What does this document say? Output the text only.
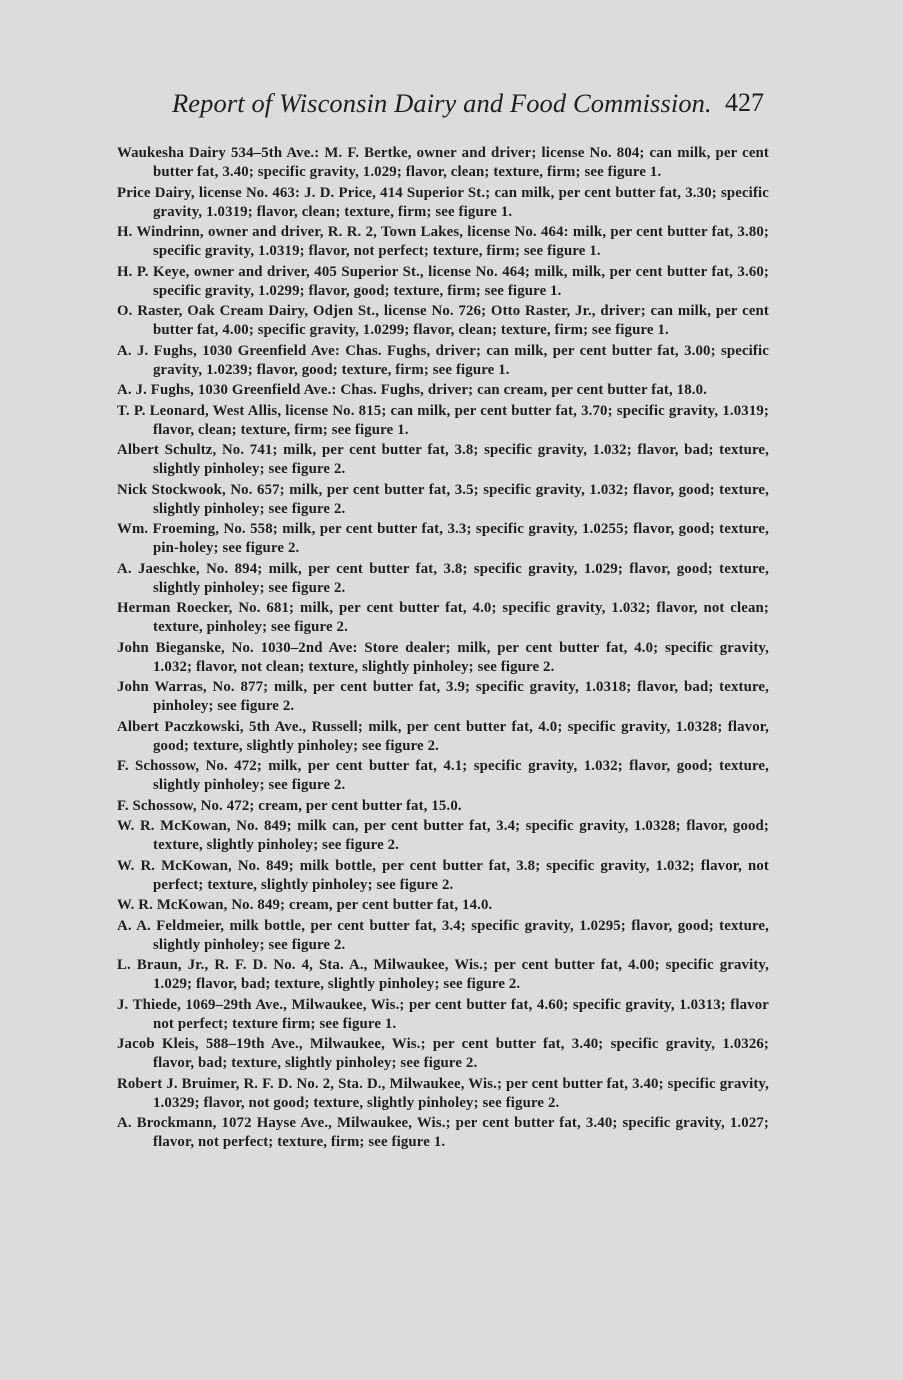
Report of Wisconsin Dairy and Food Commission. 427
Waukesha Dairy 534–5th Ave.: M. F. Bertke, owner and driver; license No. 804; can milk, per cent butter fat, 3.40; specific gravity, 1.029; flavor, clean; texture, firm; see figure 1.
Price Dairy, license No. 463: J. D. Price, 414 Superior St.; can milk, per cent butter fat, 3.30; specific gravity, 1.0319; flavor, clean; texture, firm; see figure 1.
H. Windrinn, owner and driver, R. R. 2, Town Lakes, license No. 464: milk, per cent butter fat, 3.80; specific gravity, 1.0319; flavor, not perfect; texture, firm; see figure 1.
H. P. Keye, owner and driver, 405 Superior St., license No. 464; milk, milk, per cent butter fat, 3.60; specific gravity, 1.0299; flavor, good; texture, firm; see figure 1.
O. Raster, Oak Cream Dairy, Odjen St., license No. 726; Otto Raster, Jr., driver; can milk, per cent butter fat, 4.00; specific gravity, 1.0299; flavor, clean; texture, firm; see figure 1.
A. J. Fughs, 1030 Greenfield Ave: Chas. Fughs, driver; can milk, per cent butter fat, 3.00; specific gravity, 1.0239; flavor, good; texture, firm; see figure 1.
A. J. Fughs, 1030 Greenfield Ave.: Chas. Fughs, driver; can cream, per cent butter fat, 18.0.
T. P. Leonard, West Allis, license No. 815; can milk, per cent butter fat, 3.70; specific gravity, 1.0319; flavor, clean; texture, firm; see figure 1.
Albert Schultz, No. 741; milk, per cent butter fat, 3.8; specific gravity, 1.032; flavor, bad; texture, slightly pinholey; see figure 2.
Nick Stockwook, No. 657; milk, per cent butter fat, 3.5; specific gravity, 1.032; flavor, good; texture, slightly pinholey; see figure 2.
Wm. Froeming, No. 558; milk, per cent butter fat, 3.3; specific gravity, 1.0255; flavor, good; texture, pin-holey; see figure 2.
A. Jaeschke, No. 894; milk, per cent butter fat, 3.8; specific gravity, 1.029; flavor, good; texture, slightly pinholey; see figure 2.
Herman Roecker, No. 681; milk, per cent butter fat, 4.0; specific gravity, 1.032; flavor, not clean; texture, pinholey; see figure 2.
John Bieganske, No. 1030–2nd Ave: Store dealer; milk, per cent butter fat, 4.0; specific gravity, 1.032; flavor, not clean; texture, slightly pinholey; see figure 2.
John Warras, No. 877; milk, per cent butter fat, 3.9; specific gravity, 1.0318; flavor, bad; texture, pinholey; see figure 2.
Albert Paczkowski, 5th Ave., Russell; milk, per cent butter fat, 4.0; specific gravity, 1.0328; flavor, good; texture, slightly pinholey; see figure 2.
F. Schossow, No. 472; milk, per cent butter fat, 4.1; specific gravity, 1.032; flavor, good; texture, slightly pinholey; see figure 2.
F. Schossow, No. 472; cream, per cent butter fat, 15.0.
W. R. McKowan, No. 849; milk can, per cent butter fat, 3.4; specific gravity, 1.0328; flavor, good; texture, slightly pinholey; see figure 2.
W. R. McKowan, No. 849; milk bottle, per cent butter fat, 3.8; specific gravity, 1.032; flavor, not perfect; texture, slightly pinholey; see figure 2.
W. R. McKowan, No. 849; cream, per cent butter fat, 14.0.
A. A. Feldmeier, milk bottle, per cent butter fat, 3.4; specific gravity, 1.0295; flavor, good; texture, slightly pinholey; see figure 2.
L. Braun, Jr., R. F. D. No. 4, Sta. A., Milwaukee, Wis.; per cent butter fat, 4.00; specific gravity, 1.029; flavor, bad; texture, slightly pinholey; see figure 2.
J. Thiede, 1069–29th Ave., Milwaukee, Wis.; per cent butter fat, 4.60; specific gravity, 1.0313; flavor not perfect; texture firm; see figure 1.
Jacob Kleis, 588–19th Ave., Milwaukee, Wis.; per cent butter fat, 3.40; specific gravity, 1.0326; flavor, bad; texture, slightly pinholey; see figure 2.
Robert J. Bruimer, R. F. D. No. 2, Sta. D., Milwaukee, Wis.; per cent butter fat, 3.40; specific gravity, 1.0329; flavor, not good; texture, slightly pinholey; see figure 2.
A. Brockmann, 1072 Hayse Ave., Milwaukee, Wis.; per cent butter fat, 3.40; specific gravity, 1.027; flavor, not perfect; texture, firm; see figure 1.
